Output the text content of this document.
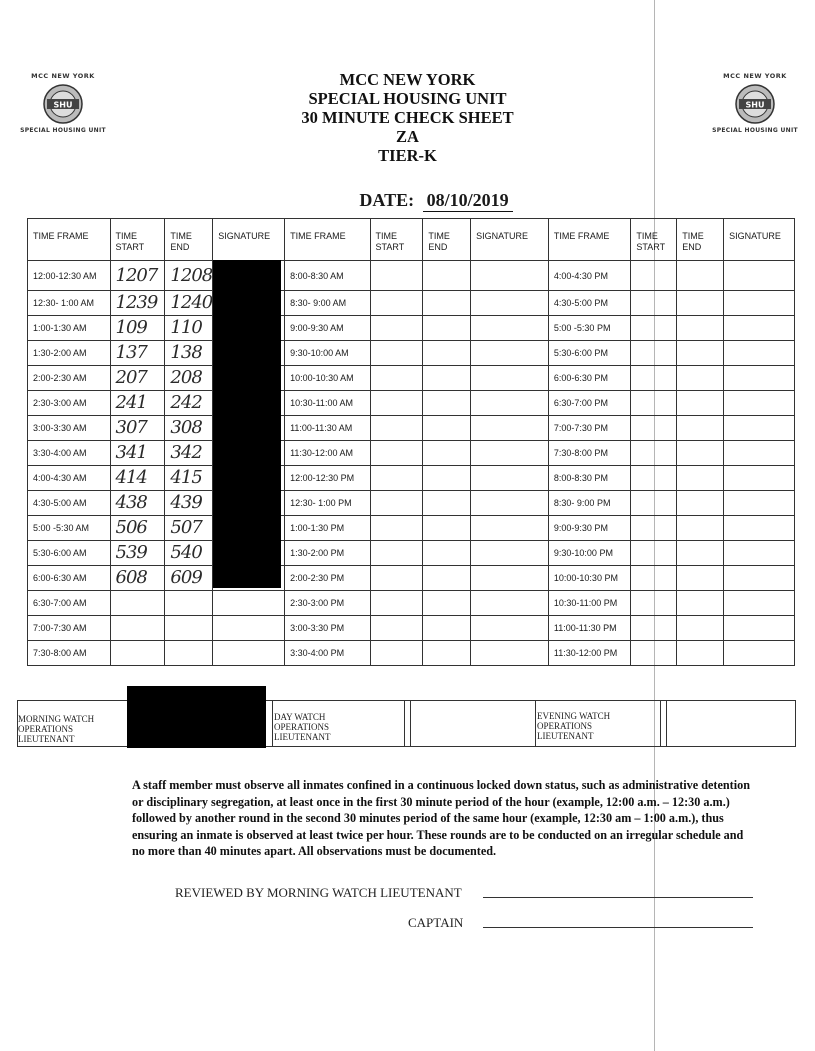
MCC NEW YORK
SHU
SPECIAL HOUSING UNIT
MCC NEW YORK
SHU
SPECIAL HOUSING UNIT
MCC NEW YORK
SPECIAL HOUSING UNIT
30 MINUTE CHECK SHEET
ZA
TIER-K
DATE: 08/10/2019
TIME FRAME	TIME START	TIME END	SIGNATURE	TIME FRAME	TIME START	TIME END	SIGNATURE	TIME FRAME	TIME START	TIME END	SIGNATURE
12:00-12:30 AM	1207	1208		8:00-8:30 AM				4:00-4:30 PM			
12:30- 1:00 AM	1239	1240		8:30- 9:00 AM				4:30-5:00 PM			
1:00-1:30 AM	109	110		9:00-9:30 AM				5:00 -5:30 PM			
1:30-2:00 AM	137	138		9:30-10:00 AM				5:30-6:00 PM			
2:00-2:30 AM	207	208		10:00-10:30 AM				6:00-6:30 PM			
2:30-3:00 AM	241	242		10:30-11:00 AM				6:30-7:00 PM			
3:00-3:30 AM	307	308		11:00-11:30 AM				7:00-7:30 PM			
3:30-4:00 AM	341	342		11:30-12:00 AM				7:30-8:00 PM			
4:00-4:30 AM	414	415		12:00-12:30 PM				8:00-8:30 PM			
4:30-5:00 AM	438	439		12:30- 1:00 PM				8:30- 9:00 PM			
5:00 -5:30 AM	506	507		1:00-1:30 PM				9:00-9:30 PM			
5:30-6:00 AM	539	540		1:30-2:00 PM				9:30-10:00 PM			
6:00-6:30 AM	608	609		2:00-2:30 PM				10:00-10:30 PM			
6:30-7:00 AM				2:30-3:00 PM				10:30-11:00 PM			
7:00-7:30 AM				3:00-3:30 PM				11:00-11:30 PM			
7:30-8:00 AM				3:30-4:00 PM				11:30-12:00 PM			
MORNING WATCH
OPERATIONS
LIEUTENANT
DAY WATCH
OPERATIONS
LIEUTENANT
EVENING WATCH
OPERATIONS
LIEUTENANT
A staff member must observe all inmates confined in a continuous locked down status, such as administrative detention or disciplinary segregation, at least once in the first 30 minute period of the hour (example, 12:00 a.m. – 12:30 a.m.) followed by another round in the second 30 minutes period of the same hour (example, 12:30 am – 1:00 a.m.), thus ensuring an inmate is observed at least twice per hour. These rounds are to be conducted on an irregular schedule and no more than 40 minutes apart. All observations must be documented.
REVIEWED BY MORNING WATCH LIEUTENANT
CAPTAIN
